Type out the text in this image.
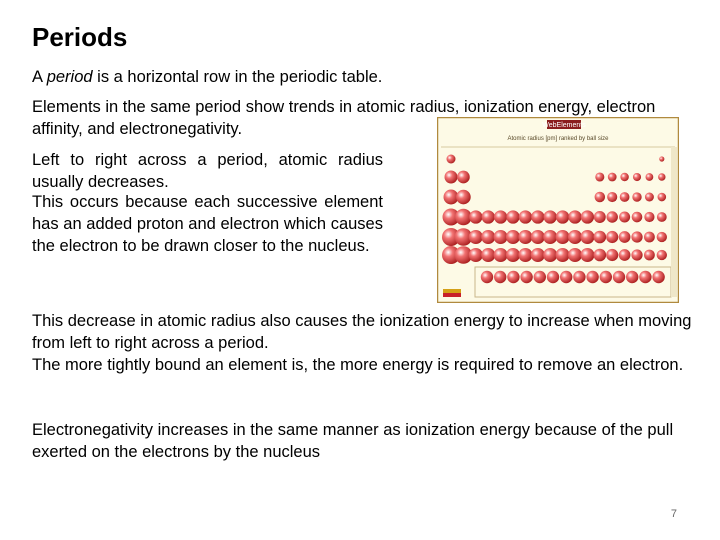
Periods

A period is a horizontal row in the periodic table.

Elements in the same period show trends in atomic radius, ionization energy, electron affinity, and electronegativity.

Left to right across a period, atomic radius usually decreases.

This occurs because each successive element has an added proton and electron which causes the electron to be drawn closer to the nucleus.

WebElements
Atomic radius [pm] ranked by ball size

This decrease in atomic radius also causes the ionization energy to increase when moving from left to right across a period.

The more tightly bound an element is, the more energy is required to remove an electron.

Electronegativity increases in the same manner as ionization energy because of the pull exerted on the electrons by the nucleus

7
